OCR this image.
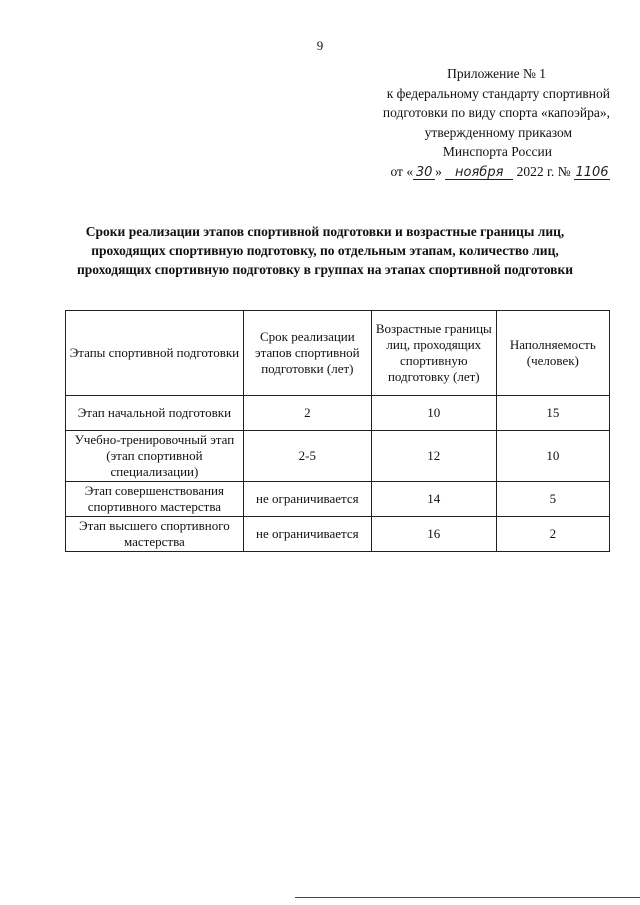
9
Приложение № 1
к федеральному стандарту спортивной
подготовки по виду спорта «капоэйра»,
утвержденному приказом
Минспорта России
от « 30 » ноября 2022 г. № 1106
Сроки реализации этапов спортивной подготовки и возрастные границы лиц, проходящих спортивную подготовку, по отдельным этапам, количество лиц, проходящих спортивную подготовку в группах на этапах спортивной подготовки
Этапы спортивной подготовки	Срок реализации этапов спортивной подготовки (лет)	Возрастные границы лиц, проходящих спортивную подготовку (лет)	Наполняемость (человек)
Этап начальной подготовки	2	10	15
Учебно-тренировочный этап (этап спортивной специализации)	2-5	12	10
Этап совершенствования спортивного мастерства	не ограничивается	14	5
Этап высшего спортивного мастерства	не ограничивается	16	2
